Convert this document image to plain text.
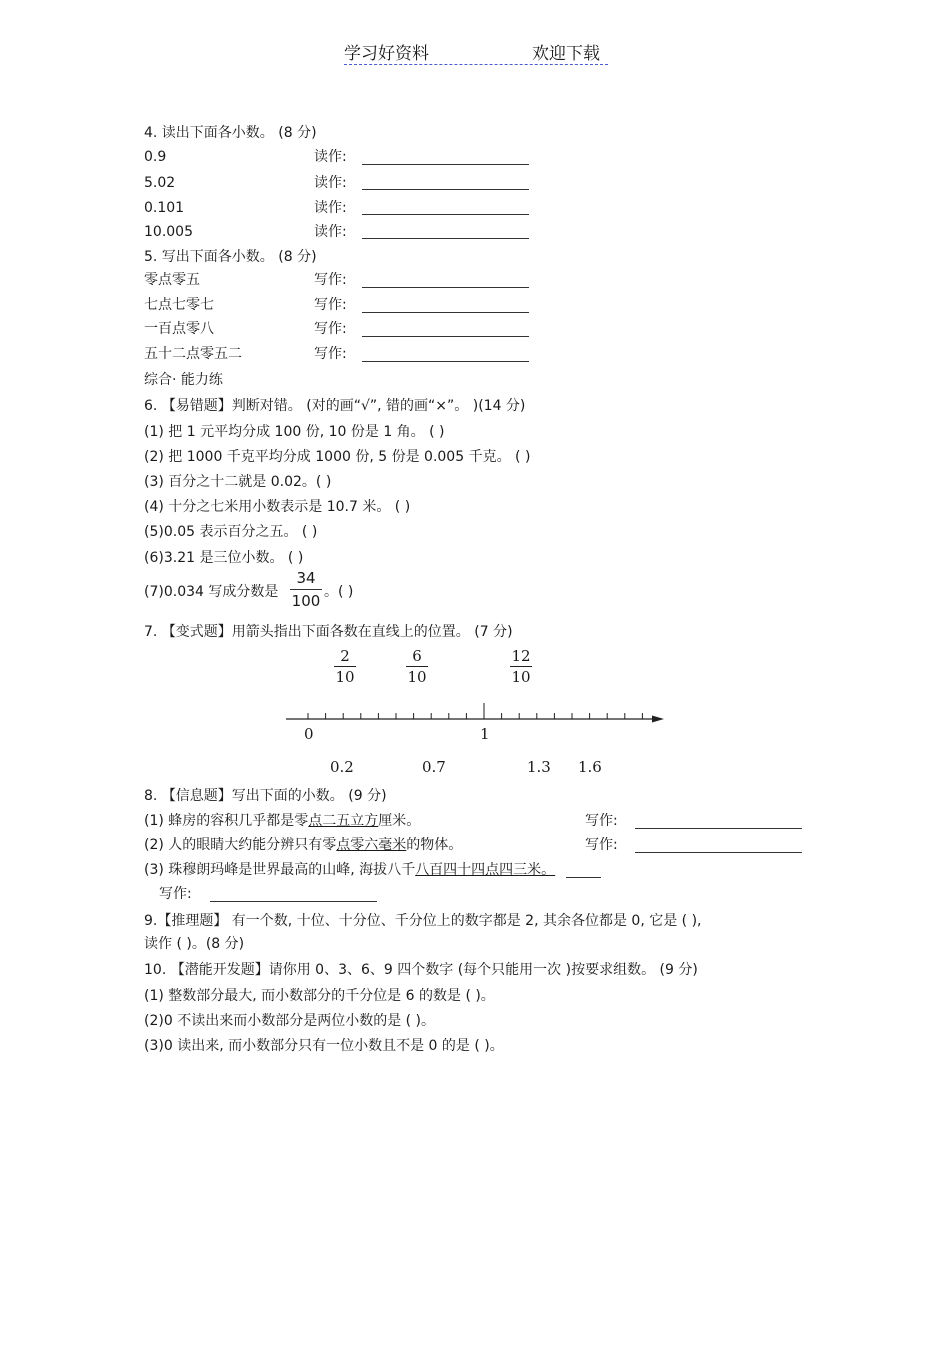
学习好资料	欢迎下载
4. 读出下面各小数。 (8 分)
0.9	读作:
5.02	读作:
0.101	读作:
10.005	读作:
5. 写出下面各小数。 (8 分)
零点零五	写作:
七点七零七	写作:
一百点零八	写作:
五十二点零五二	写作:
综合· 能力练
6. 【易错题】判断对错。 (对的画“√”, 错的画“×”。 )(14 分)
(1) 把 1 元平均分成 100 份, 10 份是 1 角。 ( )
(2) 把 1000 千克平均分成 1000 份, 5 份是 0.005 千克。 ( )
(3) 百分之十二就是 0.02。( )
(4) 十分之七米用小数表示是 10.7 米。 ( )
(5)0.05 表示百分之五。 ( )
(6)3.21 是三位小数。 ( )
(7)0.034 写成分数是
34
100 。( )
7. 【变式题】用箭头指出下面各数在直线上的位置。 (7 分)
2
10
6
10
12
10
0	1
0.2	0.7	1.3 1.6
8. 【信息题】写出下面的小数。 (9 分)
(1) 蜂房的容积几乎都是零点二五立方厘米。	写作:
(2) 人的眼睛大约能分辨只有零点零六毫米的物体。	写作:
(3) 珠穆朗玛峰是世界最高的山峰, 海拔八千八百四十四点四三米。
写作:
9.【推理题】 有一个数, 十位、十分位、千分位上的数字都是 2, 其余各位都是 0, 它是 ( ),
读作 ( )。(8 分)
10. 【潜能开发题】请你用 0、3、6、9 四个数字 (每个只能用一次 )按要求组数。 (9 分)
(1) 整数部分最大, 而小数部分的千分位是 6 的数是 ( )。
(2)0 不读出来而小数部分是两位小数的是 ( )。
(3)0 读出来, 而小数部分只有一位小数且不是 0 的是 ( )。
